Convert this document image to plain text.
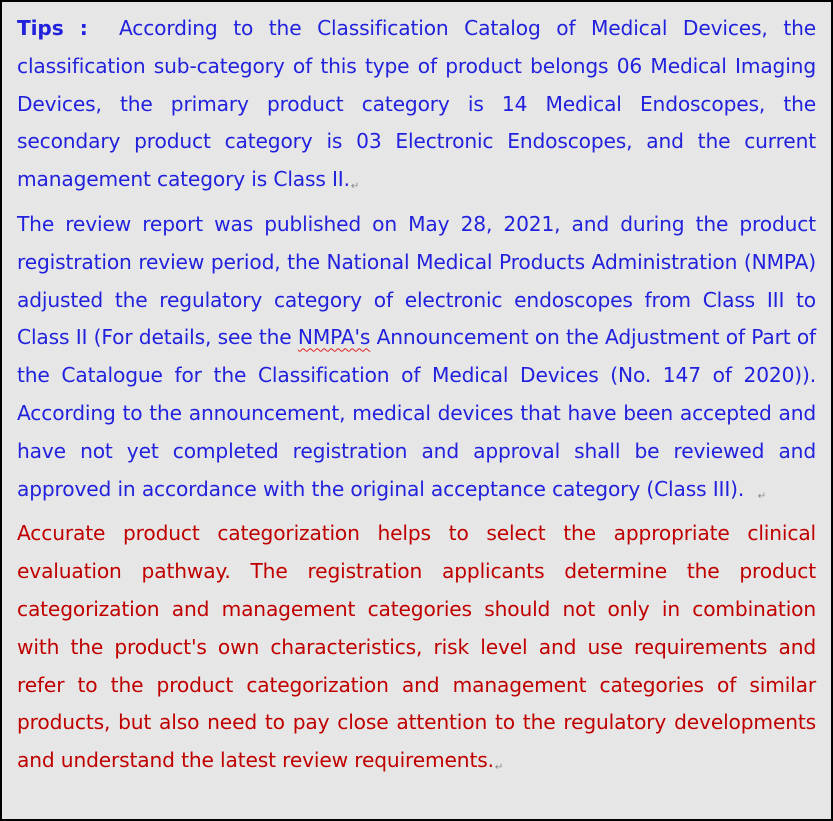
Tips : According to the Classification Catalog of Medical Devices, the classification sub-category of this type of product belongs 06 Medical Imaging Devices, the primary product category is 14 Medical Endoscopes, the secondary product category is 03 Electronic Endoscopes, and the current management category is Class II.↵

The review report was published on May 28, 2021, and during the product registration review period, the National Medical Products Administration (NMPA) adjusted the regulatory category of electronic endoscopes from Class III to Class II (For details, see the NMPA's Announcement on the Adjustment of Part of the Catalogue for the Classification of Medical Devices (No. 147 of 2020)). According to the announcement, medical devices that have been accepted and have not yet completed registration and approval shall be reviewed and approved in accordance with the original acceptance category (Class III). ↵

Accurate product categorization helps to select the appropriate clinical evaluation pathway. The registration applicants determine the product categorization and management categories should not only in combination with the product's own characteristics, risk level and use requirements and refer to the product categorization and management categories of similar products, but also need to pay close attention to the regulatory developments and understand the latest review requirements.↵
